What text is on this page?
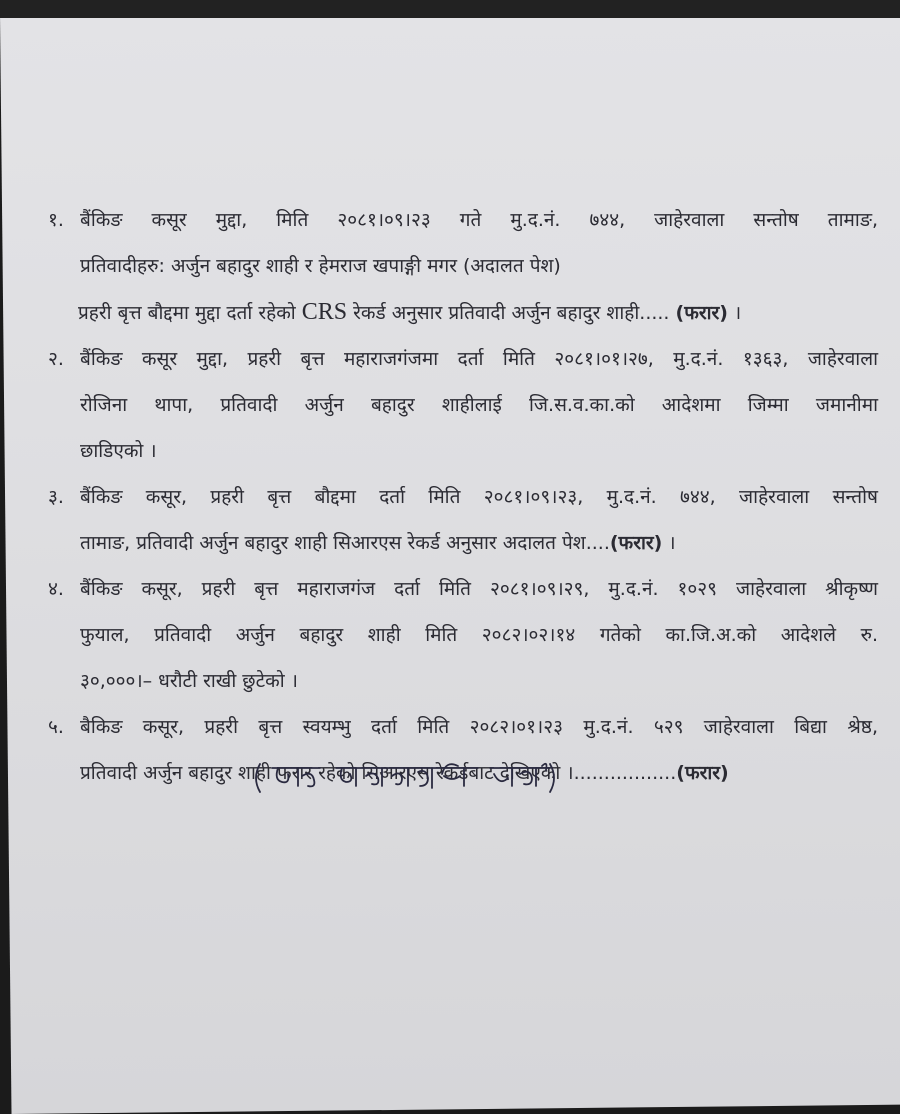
१. बैंकिङ कसूर मुद्दा, मिति २०८१।०९।२३ गते मु.द.नं. ७४४, जाहेरवाला सन्तोष तामाङ,
प्रतिवादीहरु: अर्जुन बहादुर शाही र हेमराज खपाङ्गी मगर (अदालत पेश)
प्रहरी बृत्त बौद्दमा मुद्दा दर्ता रहेको CRS रेकर्ड अनुसार प्रतिवादी अर्जुन बहादुर शाही..... (फरार) ।
२. बैंकिङ कसूर मुद्दा, प्रहरी बृत्त महाराजगंजमा दर्ता मिति २०८१।०१।२७, मु.द.नं. १३६३, जाहेरवाला
रोजिना थापा, प्रतिवादी अर्जुन बहादुर शाहीलाई जि.स.व.का.को आदेशमा जिम्मा जमानीमा
छाडिएको ।
३. बैंकिङ कसूर, प्रहरी बृत्त बौद्दमा दर्ता मिति २०८१।०९।२३, मु.द.नं. ७४४, जाहेरवाला सन्तोष
तामाङ, प्रतिवादी अर्जुन बहादुर शाही सिआरएस रेकर्ड अनुसार अदालत पेश....(फरार) ।
४. बैंकिङ कसूर, प्रहरी बृत्त महाराजगंज दर्ता मिति २०८१।०९।२९, मु.द.नं. १०२९ जाहेरवाला श्रीकृष्ण
फुयाल, प्रतिवादी अर्जुन बहादुर शाही मिति २०८२।०२।१४ गतेको का.जि.अ.को आदेशले रु.
३०,०००।– धरौटी राखी छुटेको ।
५. बैकिङ कसूर, प्रहरी बृत्त स्वयम्भु दर्ता मिति २०८२।०१।२३ मु.द.नं. ५२९ जाहेरवाला बिद्या श्रेष्ठ,
प्रतिवादी अर्जुन बहादुर शाही फरार रहेको सिआरएस रेकर्डबाट देखिएको ।.................(फरार)
